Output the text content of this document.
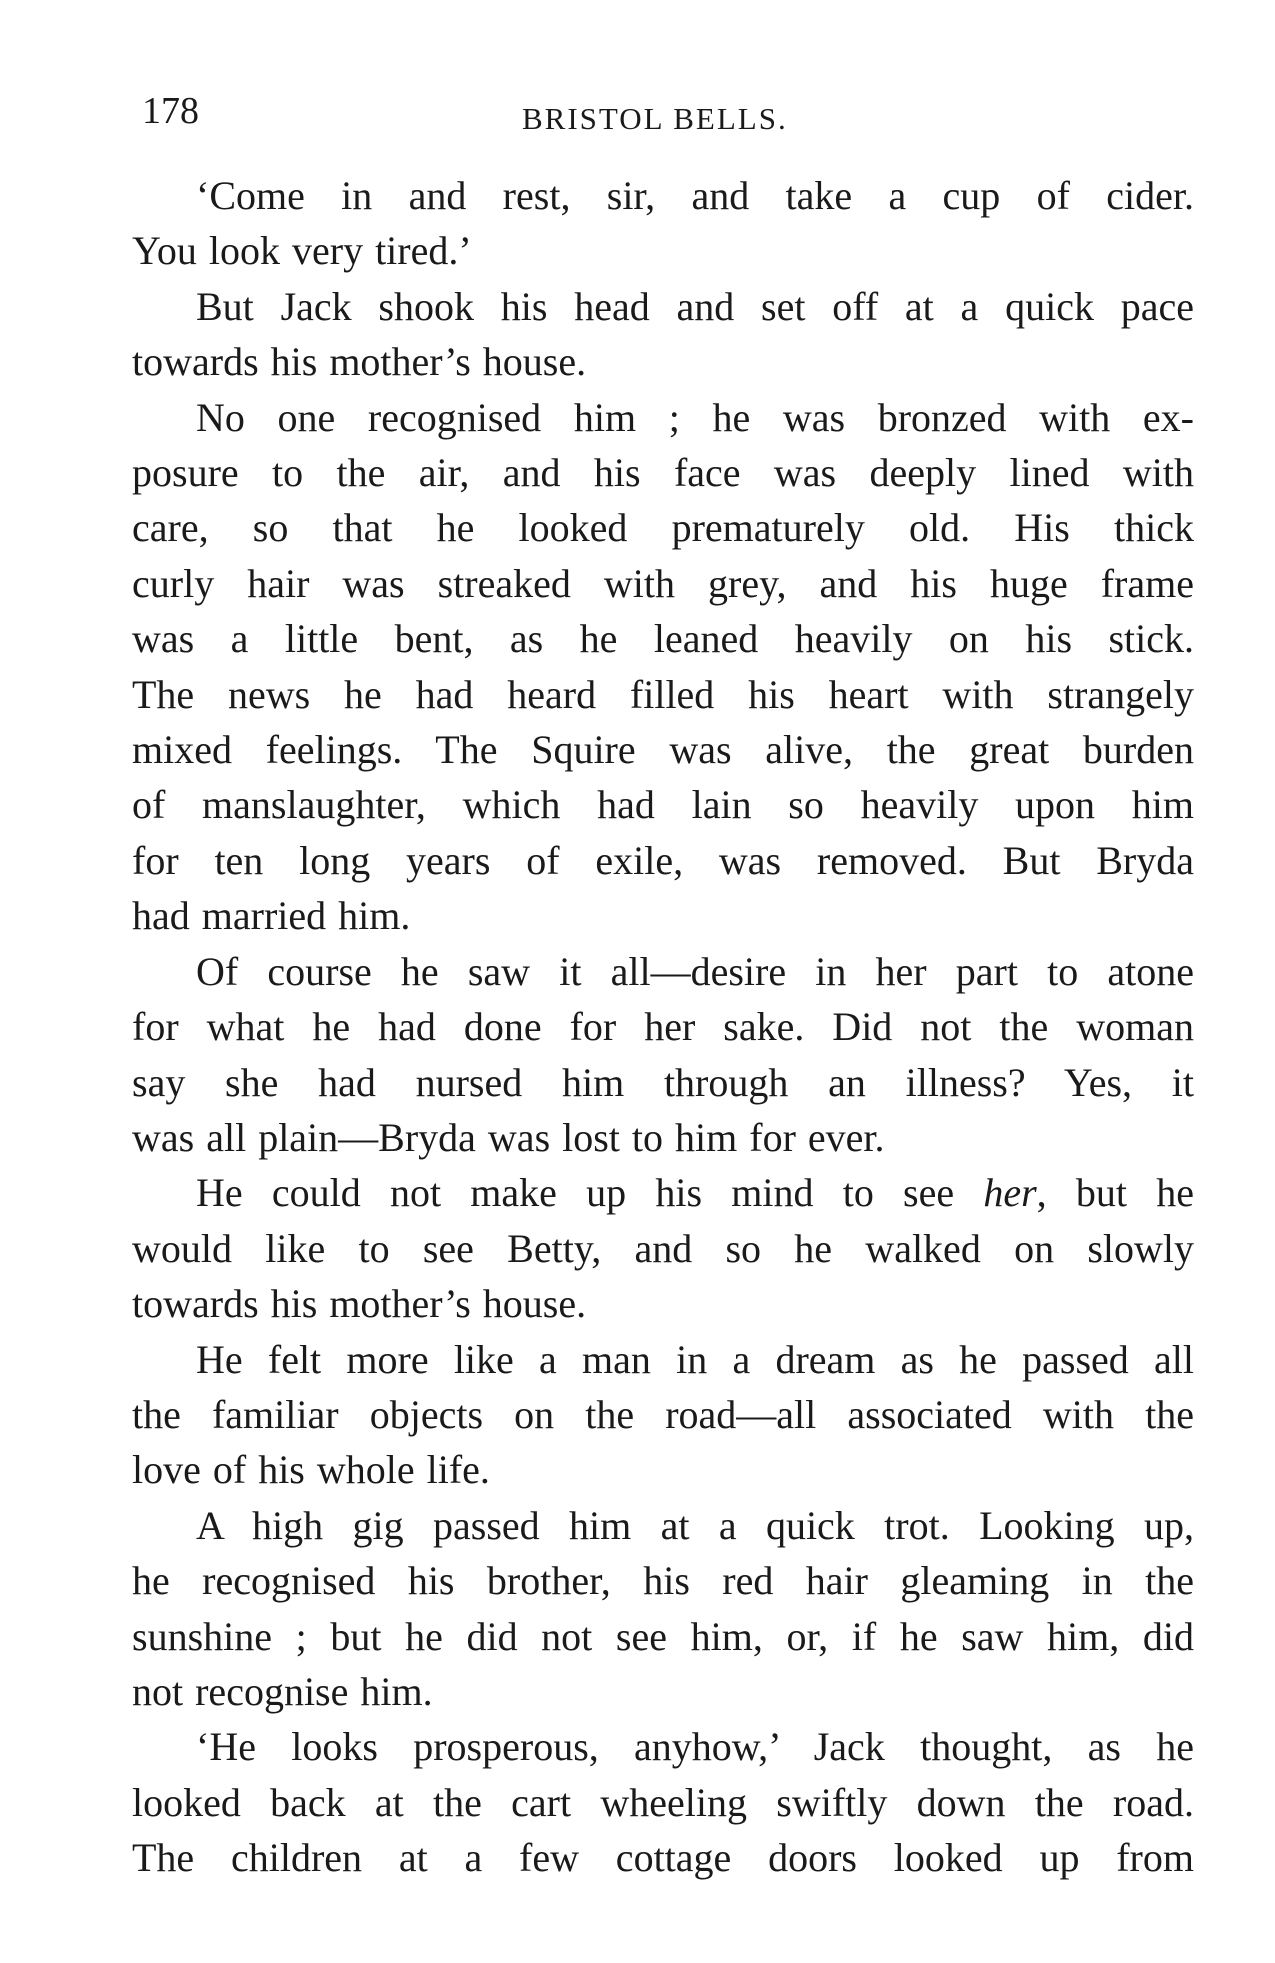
178	BRISTOL BELLS.
‘Come in and rest, sir, and take a cup of cider.
You look very tired.’
But Jack shook his head and set off at a quick pace
towards his mother’s house.
No one recognised him ; he was bronzed with ex-
posure to the air, and his face was deeply lined with
care, so that he looked prematurely old. His thick
curly hair was streaked with grey, and his huge frame
was a little bent, as he leaned heavily on his stick.
The news he had heard filled his heart with strangely
mixed feelings. The Squire was alive, the great burden
of manslaughter, which had lain so heavily upon him
for ten long years of exile, was removed. But Bryda
had married him.
Of course he saw it all—desire in her part to atone
for what he had done for her sake. Did not the woman
say she had nursed him through an illness? Yes, it
was all plain—Bryda was lost to him for ever.
He could not make up his mind to see her, but he
would like to see Betty, and so he walked on slowly
towards his mother’s house.
He felt more like a man in a dream as he passed all
the familiar objects on the road—all associated with the
love of his whole life.
A high gig passed him at a quick trot. Looking up,
he recognised his brother, his red hair gleaming in the
sunshine ; but he did not see him, or, if he saw him, did
not recognise him.
‘He looks prosperous, anyhow,’ Jack thought, as he
looked back at the cart wheeling swiftly down the road.
The children at a few cottage doors looked up from
